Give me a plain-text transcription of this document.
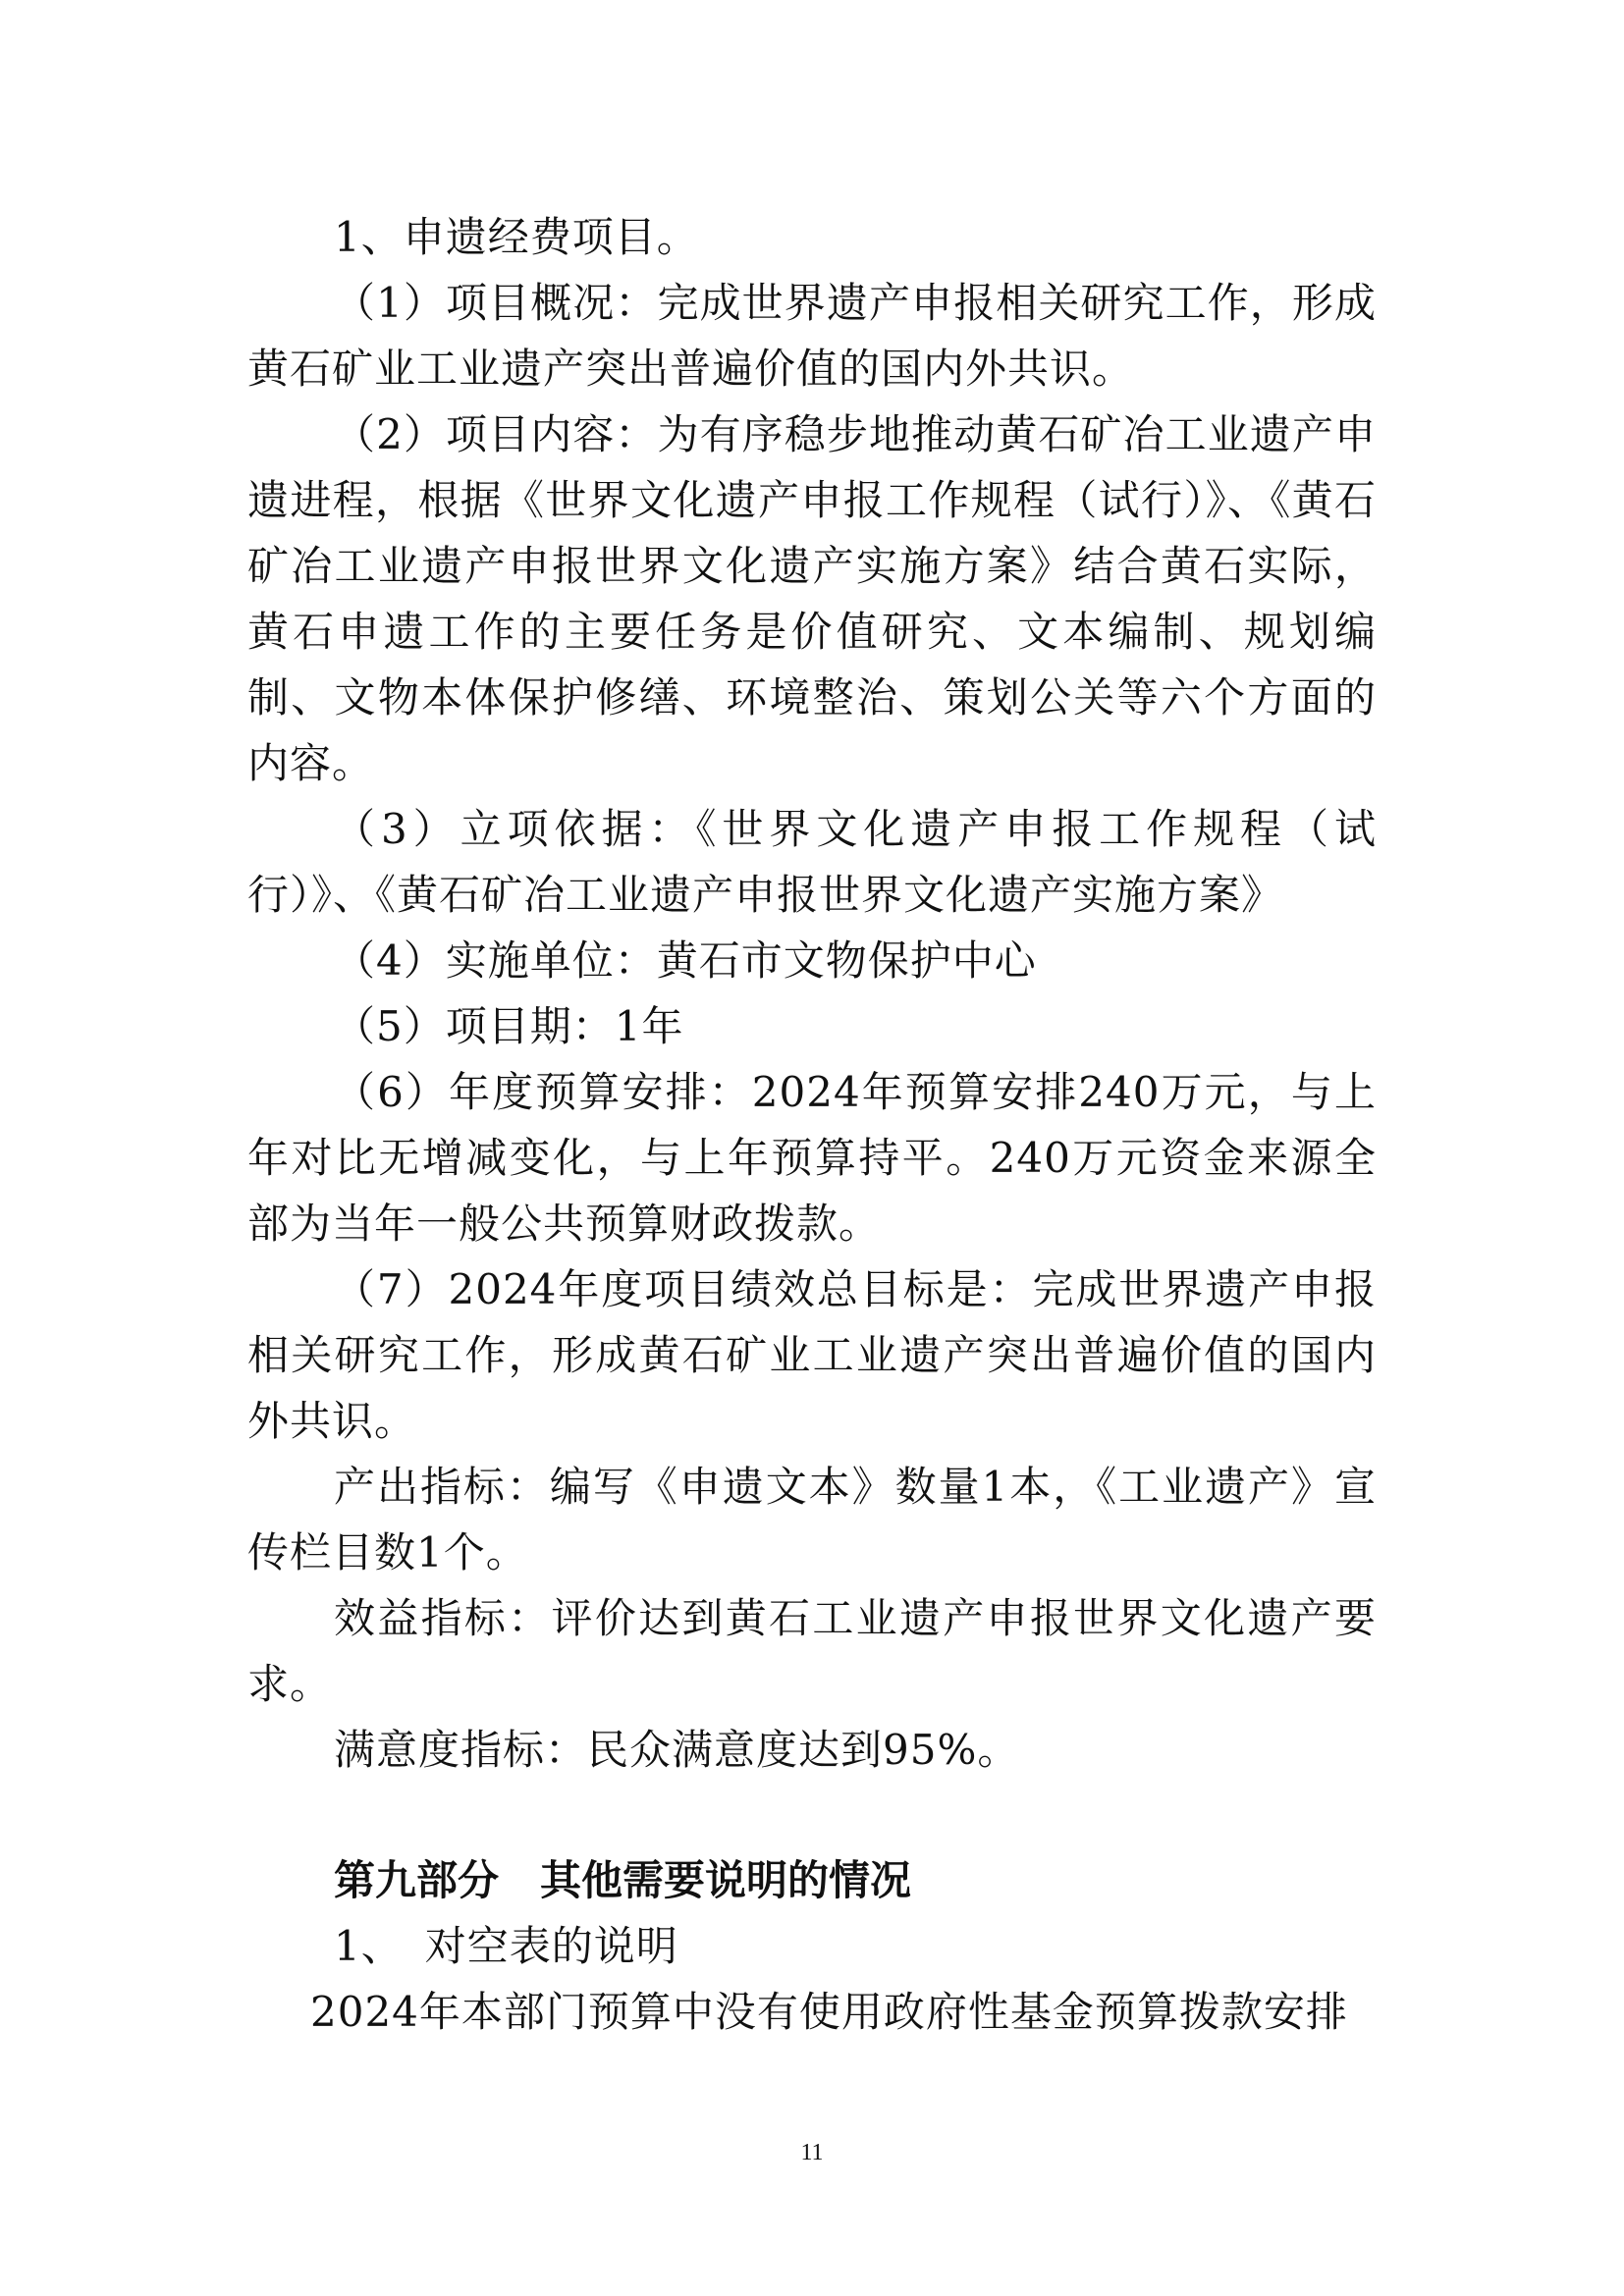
1、申遗经费项目。

（1）项目概况：完成世界遗产申报相关研究工作，形成黄石矿业工业遗产突出普遍价值的国内外共识。

（2）项目内容：为有序稳步地推动黄石矿冶工业遗产申遗进程，根据《世界文化遗产申报工作规程（试行）》、《黄石矿冶工业遗产申报世界文化遗产实施方案》结合黄石实际，黄石申遗工作的主要任务是价值研究、文本编制、规划编制、文物本体保护修缮、环境整治、策划公关等六个方面的内容。

（3）立项依据：《世界文化遗产申报工作规程（试行）》、《黄石矿冶工业遗产申报世界文化遗产实施方案》

（4）实施单位：黄石市文物保护中心

（5）项目期：1年

（6）年度预算安排：2024年预算安排240万元，与上年对比无增减变化，与上年预算持平。240万元资金来源全部为当年一般公共预算财政拨款。

（7）2024年度项目绩效总目标是：完成世界遗产申报相关研究工作，形成黄石矿业工业遗产突出普遍价值的国内外共识。

产出指标：编写《申遗文本》数量1本，《工业遗产》宣传栏目数1个。

效益指标：评价达到黄石工业遗产申报世界文化遗产要求。

满意度指标：民众满意度达到95%。

第九部分　其他需要说明的情况

1、　对空表的说明

2024年本部门预算中没有使用政府性基金预算拨款安排

11
